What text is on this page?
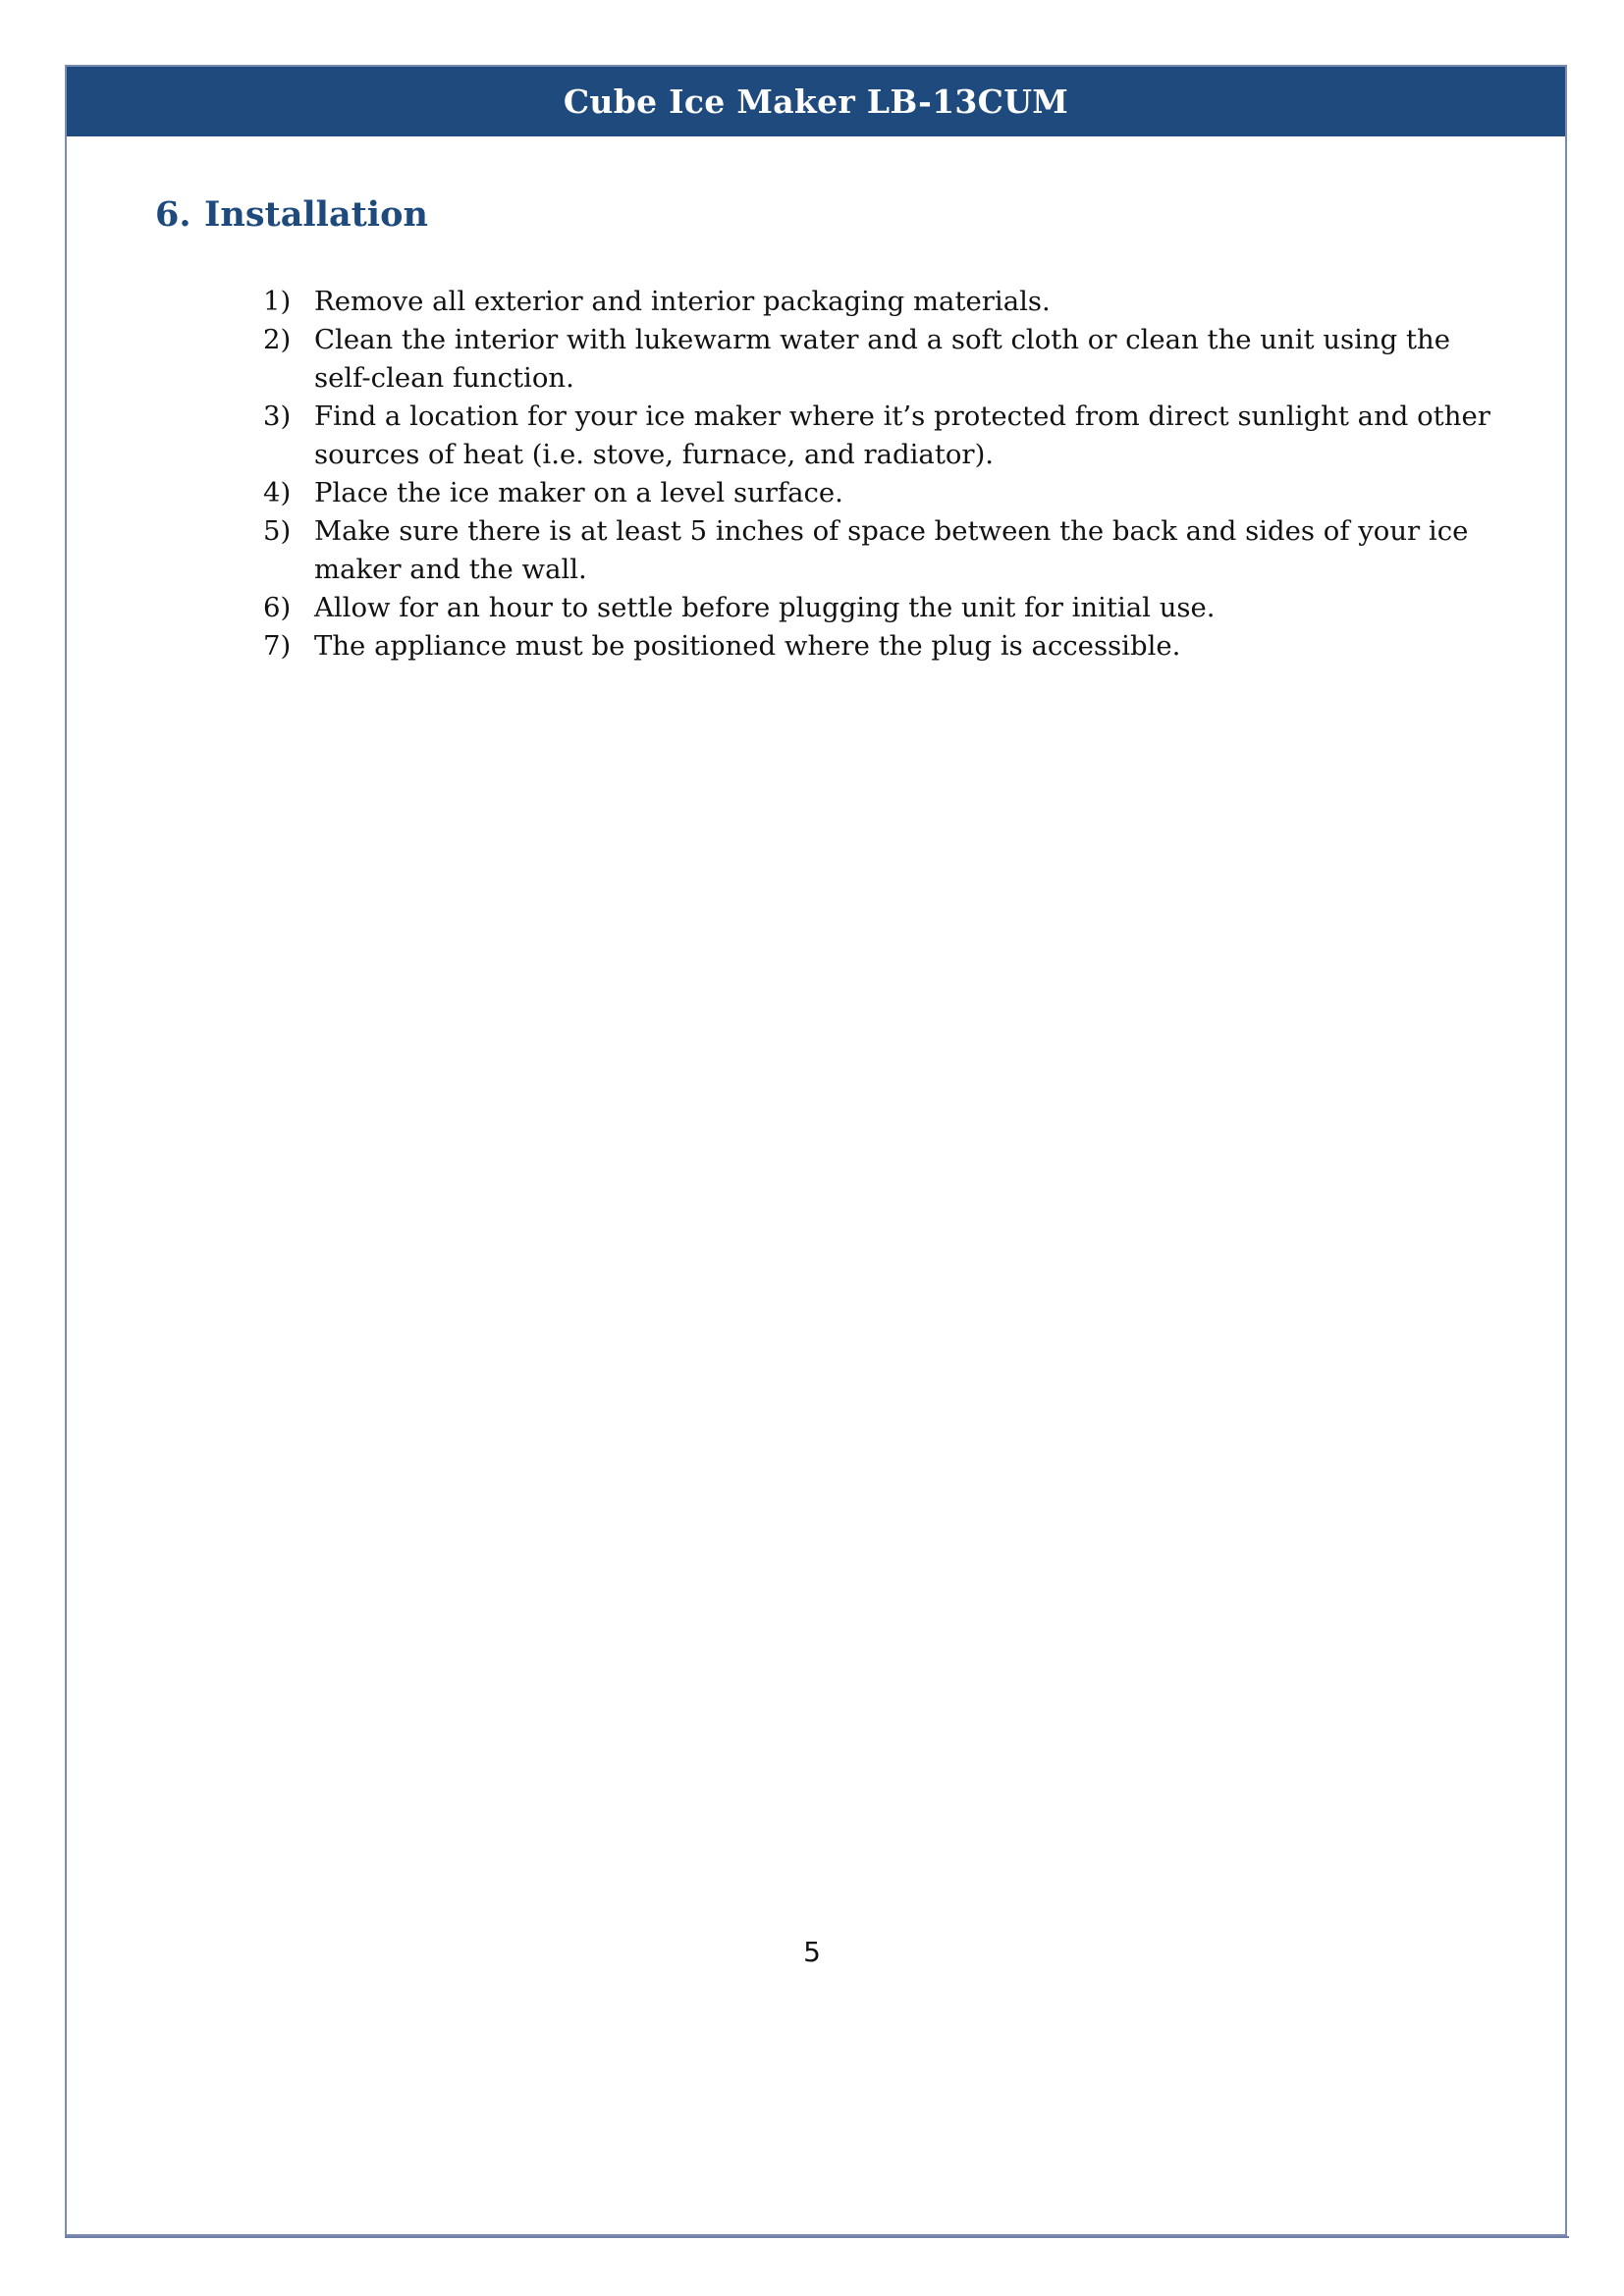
Cube Ice Maker LB-13CUM
6. Installation
1) Remove all exterior and interior packaging materials.
2) Clean the interior with lukewarm water and a soft cloth or clean the unit using the self-clean function.
3) Find a location for your ice maker where it’s protected from direct sunlight and other sources of heat (i.e. stove, furnace, and radiator).
4) Place the ice maker on a level surface.
5) Make sure there is at least 5 inches of space between the back and sides of your ice maker and the wall.
6) Allow for an hour to settle before plugging the unit for initial use.
7) The appliance must be positioned where the plug is accessible.
5
